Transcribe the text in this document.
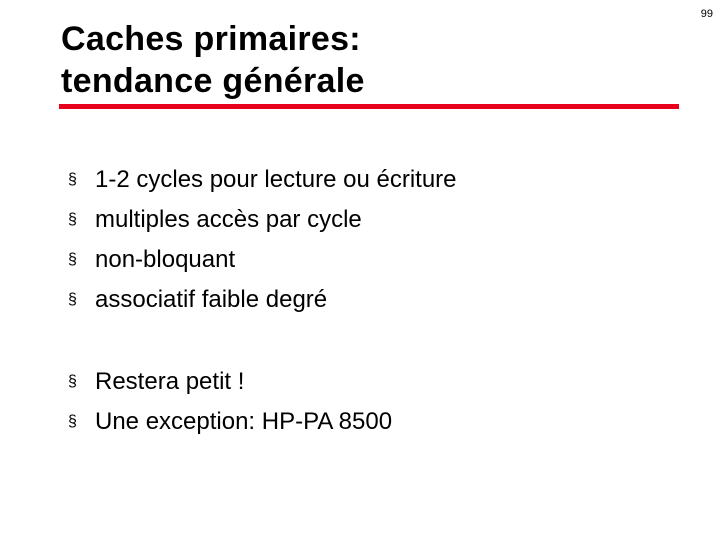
99
Caches primaires:
tendance générale
§ 1-2 cycles pour lecture ou écriture
§ multiples accès par cycle
§ non-bloquant
§ associatif faible degré
§ Restera petit !
§ Une exception: HP-PA 8500
